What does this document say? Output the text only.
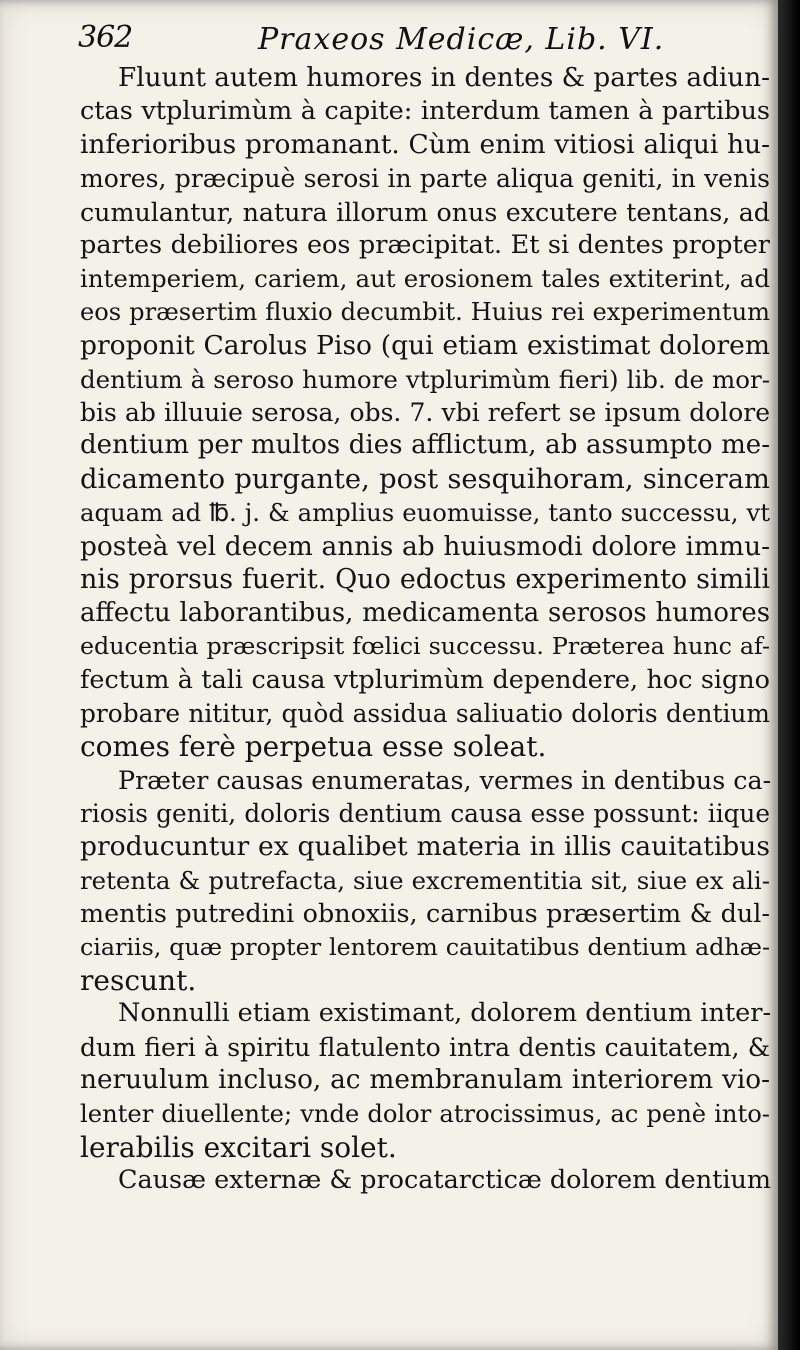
362	Praxeos Medicæ, Lib. VI.
Fluunt autem humores in dentes & partes adiun-
ctas vtplurimùm à capite: interdum tamen à partibus
inferioribus promanant. Cùm enim vitiosi aliqui hu-
mores, præcipuè serosi in parte aliqua geniti, in venis
cumulantur, natura illorum onus excutere tentans, ad
partes debiliores eos præcipitat. Et si dentes propter
intemperiem, cariem, aut erosionem tales extiterint, ad
eos præsertim fluxio decumbit. Huius rei experimentum
proponit Carolus Piso (qui etiam existimat dolorem
dentium à seroso humore vtplurimùm fieri) lib. de mor-
bis ab illuuie serosa, obs. 7. vbi refert se ipsum dolore
dentium per multos dies afflictum, ab assumpto me-
dicamento purgante, post sesquihoram, sinceram
aquam ad ℔. j. & amplius euomuisse, tanto successu, vt
posteà vel decem annis ab huiusmodi dolore immu-
nis prorsus fuerit. Quo edoctus experimento simili
affectu laborantibus, medicamenta serosos humores
educentia præscripsit fœlici successu. Præterea hunc af-
fectum à tali causa vtplurimùm dependere, hoc signo
probare nititur, quòd assidua saliuatio doloris dentium
comes ferè perpetua esse soleat.
Præter causas enumeratas, vermes in dentibus ca-
riosis geniti, doloris dentium causa esse possunt: iique
producuntur ex qualibet materia in illis cauitatibus
retenta & putrefacta, siue excrementitia sit, siue ex ali-
mentis putredini obnoxiis, carnibus præsertim & dul-
ciariis, quæ propter lentorem cauitatibus dentium adhæ-
rescunt.
Nonnulli etiam existimant, dolorem dentium inter-
dum fieri à spiritu flatulento intra dentis cauitatem, &
neruulum incluso, ac membranulam interiorem vio-
lenter diuellente; vnde dolor atrocissimus, ac penè into-
lerabilis excitari solet.
Causæ externæ & procatarcticæ dolorem dentium
